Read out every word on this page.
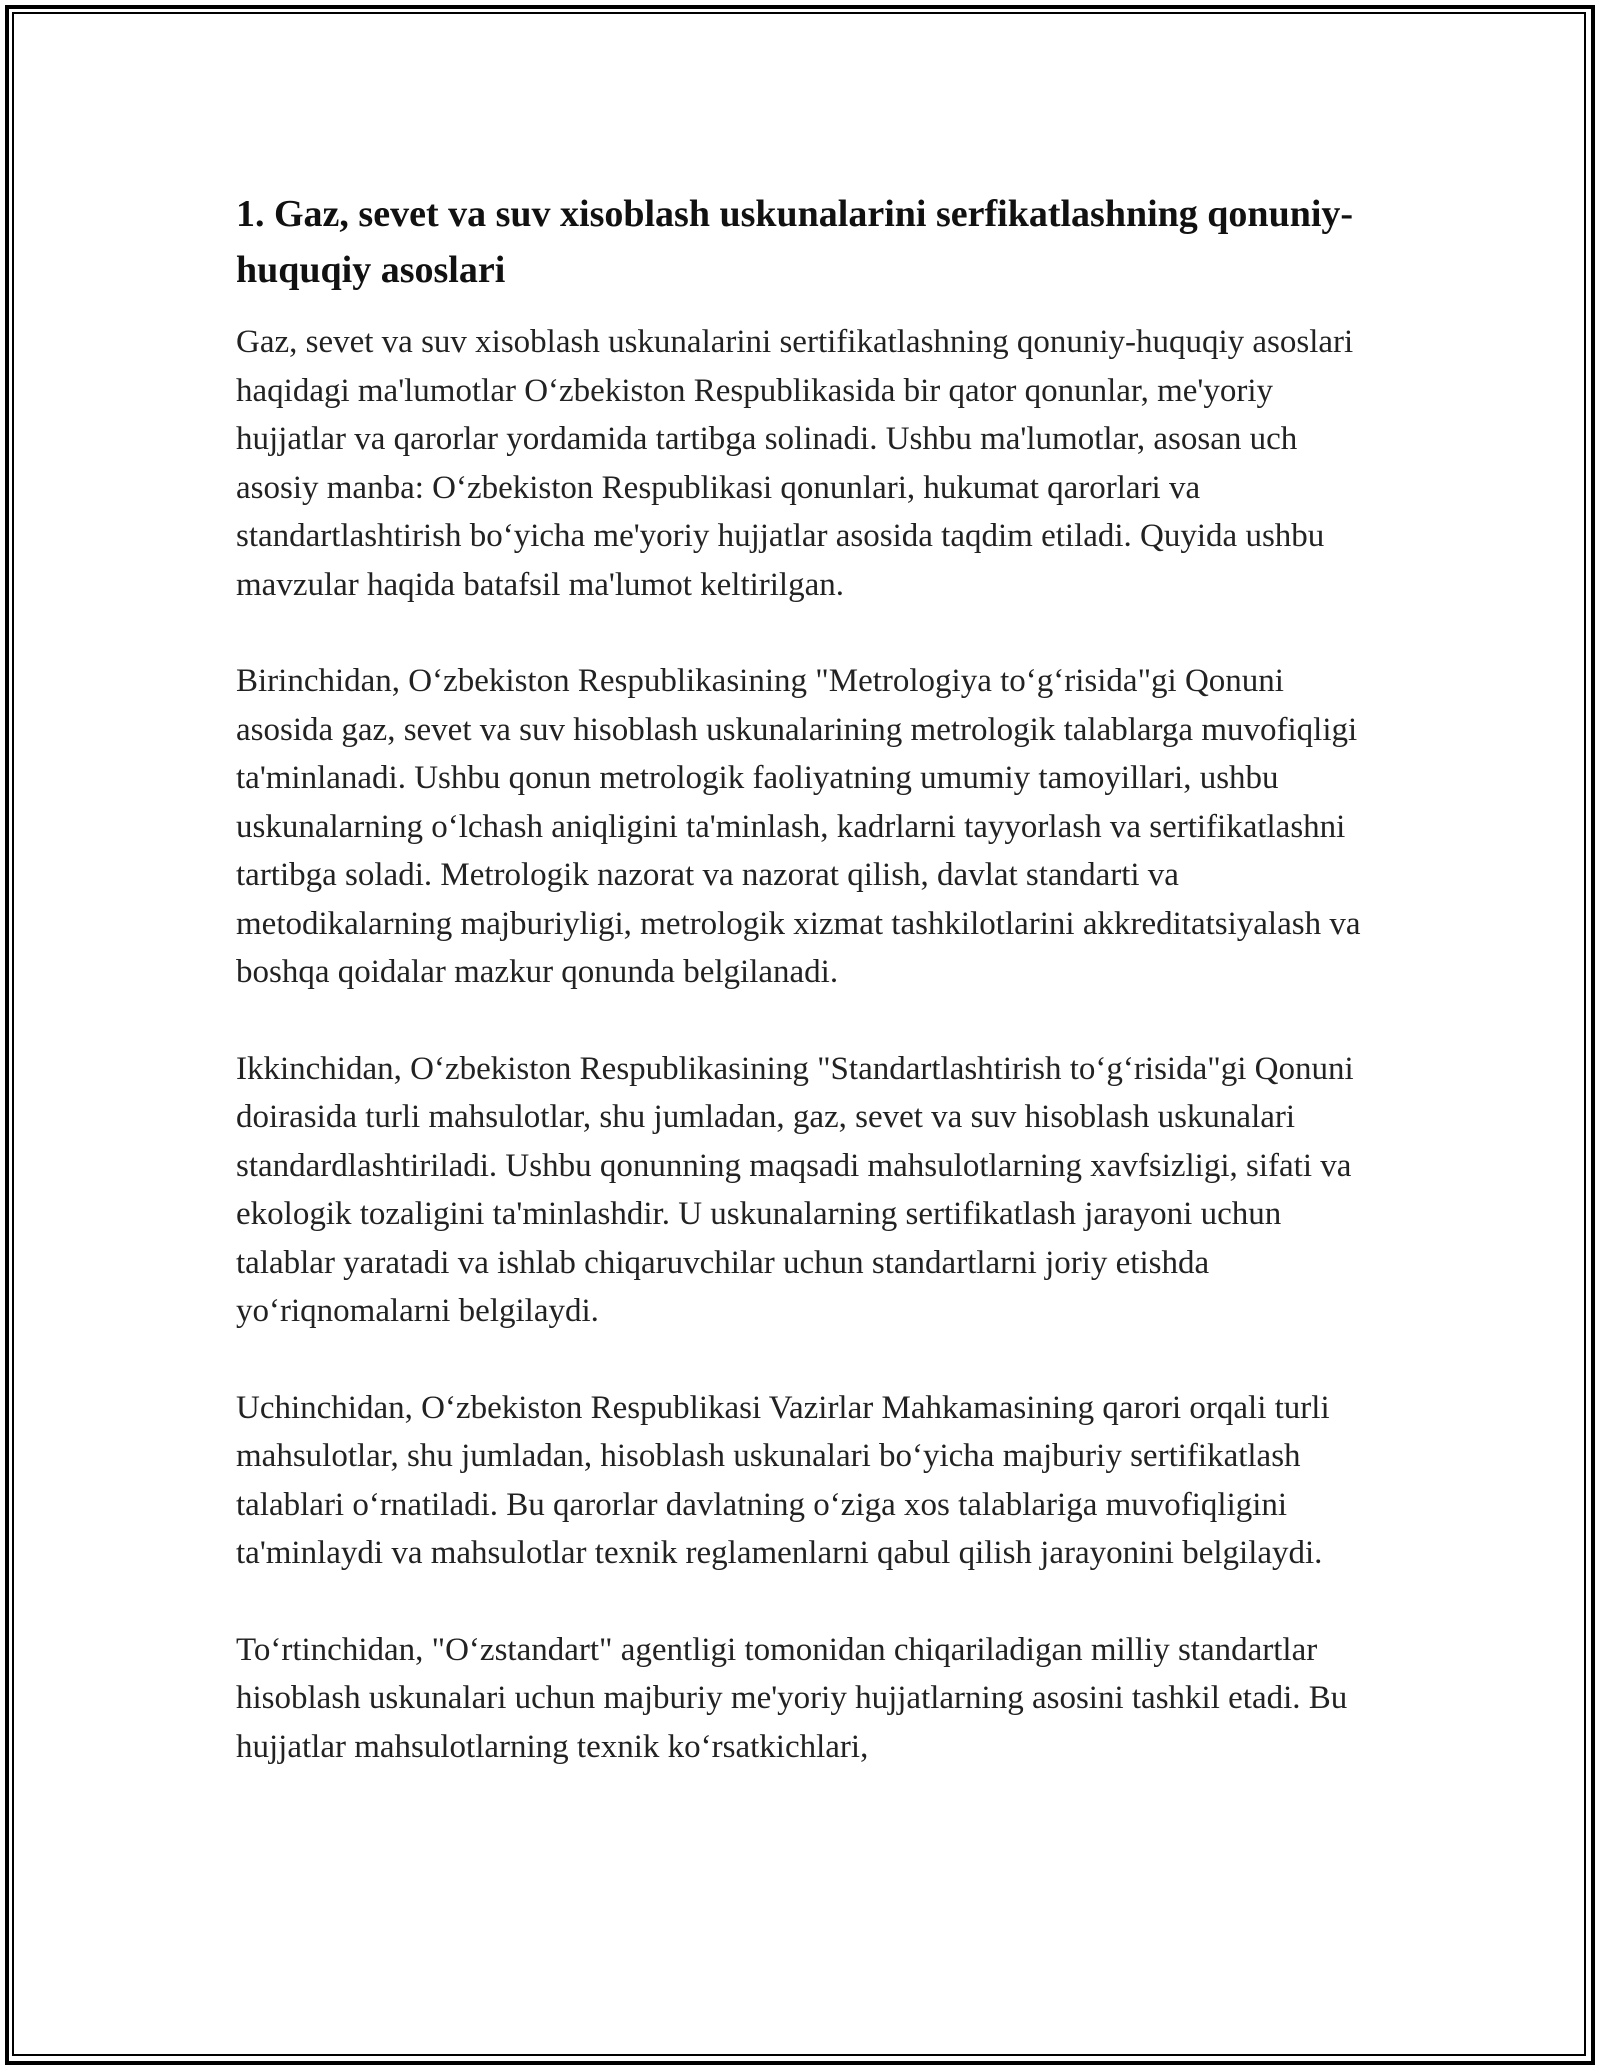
1. Gaz, sevet va suv xisoblash uskunalarini serfikatlashning qonuniy-huquqiy asoslari

Gaz, sevet va suv xisoblash uskunalarini sertifikatlashning qonuniy-huquqiy asoslari haqidagi ma'lumotlar O‘zbekiston Respublikasida bir qator qonunlar, me'yoriy hujjatlar va qarorlar yordamida tartibga solinadi. Ushbu ma'lumotlar, asosan uch asosiy manba: O‘zbekiston Respublikasi qonunlari, hukumat qarorlari va standartlashtirish bo‘yicha me'yoriy hujjatlar asosida taqdim etiladi. Quyida ushbu mavzular haqida batafsil ma'lumot keltirilgan.

Birinchidan, O‘zbekiston Respublikasining "Metrologiya to‘g‘risida"gi Qonuni asosida gaz, sevet va suv hisoblash uskunalarining metrologik talablarga muvofiqligi ta'minlanadi. Ushbu qonun metrologik faoliyatning umumiy tamoyillari, ushbu uskunalarning o‘lchash aniqligini ta'minlash, kadrlarni tayyorlash va sertifikatlashni tartibga soladi. Metrologik nazorat va nazorat qilish, davlat standarti va metodikalarning majburiyligi, metrologik xizmat tashkilotlarini akkreditatsiyalash va boshqa qoidalar mazkur qonunda belgilanadi.

Ikkinchidan, O‘zbekiston Respublikasining "Standartlashtirish to‘g‘risida"gi Qonuni doirasida turli mahsulotlar, shu jumladan, gaz, sevet va suv hisoblash uskunalari standardlashtiriladi. Ushbu qonunning maqsadi mahsulotlarning xavfsizligi, sifati va ekologik tozaligini ta'minlashdir. U uskunalarning sertifikatlash jarayoni uchun talablar yaratadi va ishlab chiqaruvchilar uchun standartlarni joriy etishda yo‘riqnomalarni belgilaydi.

Uchinchidan, O‘zbekiston Respublikasi Vazirlar Mahkamasining qarori orqali turli mahsulotlar, shu jumladan, hisoblash uskunalari bo‘yicha majburiy sertifikatlash talablari o‘rnatiladi. Bu qarorlar davlatning o‘ziga xos talablariga muvofiqligini ta'minlaydi va mahsulotlar texnik reglamenlarni qabul qilish jarayonini belgilaydi.

To‘rtinchidan, "O‘zstandart" agentligi tomonidan chiqariladigan milliy standartlar hisoblash uskunalari uchun majburiy me'yoriy hujjatlarning asosini tashkil etadi. Bu hujjatlar mahsulotlarning texnik ko‘rsatkichlari,
